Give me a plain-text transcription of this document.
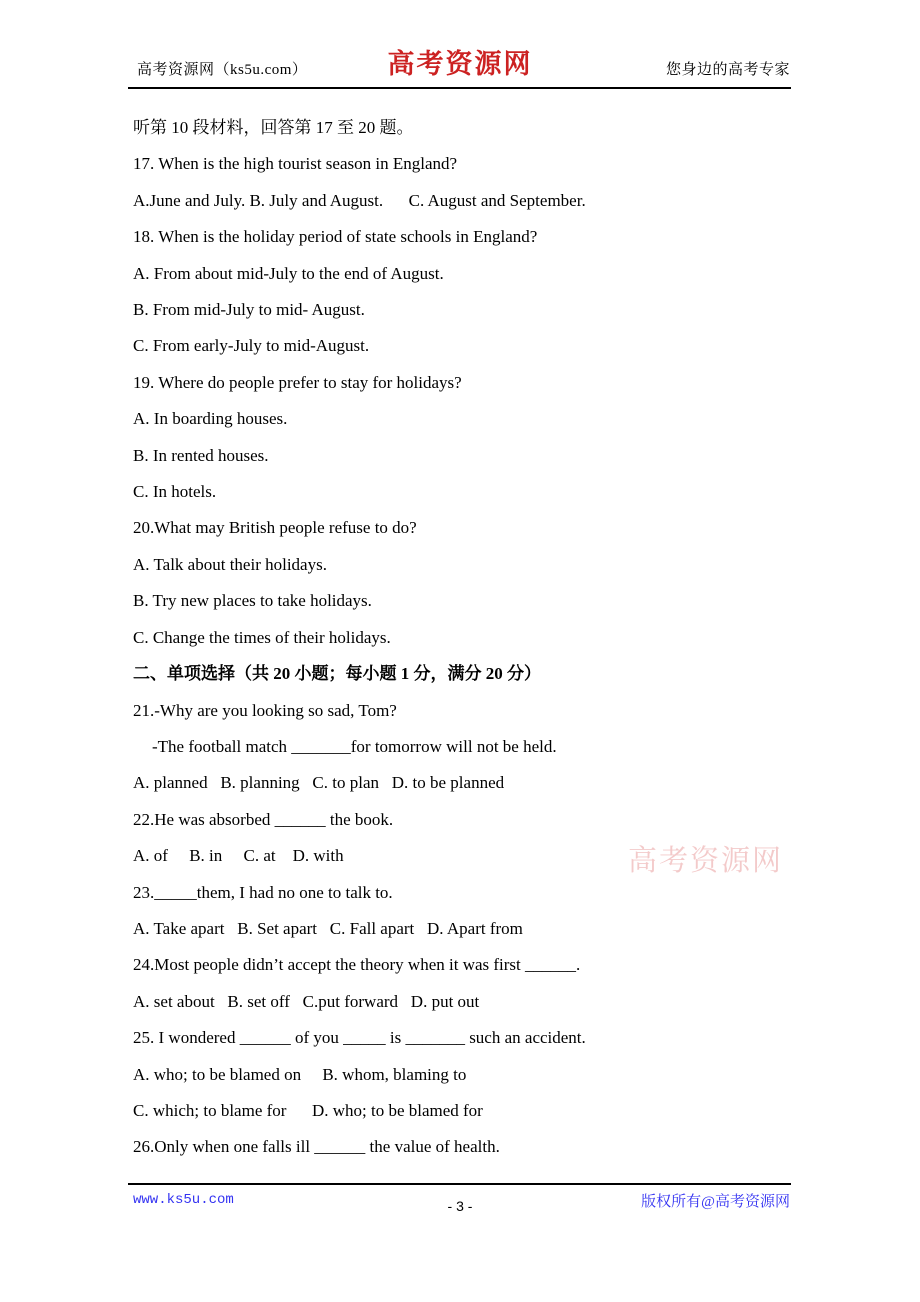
高考资源网（ks5u.com）	高考资源网	您身边的高考专家

听第 10 段材料，回答第 17 至 20 题。

17. When is the high tourist season in England?

A.June and July. B. July and August.      C. August and September.

18. When is the holiday period of state schools in England?

A. From about mid-July to the end of August.

B. From mid-July to mid- August.

C. From early-July to mid-August.

19. Where do people prefer to stay for holidays?

A. In boarding houses.

B. In rented houses.

C. In hotels.

20.What may British people refuse to do?

A. Talk about their holidays.

B. Try new places to take holidays.

C. Change the times of their holidays.

二、单项选择（共 20 小题；每小题 1 分，满分 20 分）

21.-Why are you looking so sad, Tom?

-The football match _______for tomorrow will not be held.

A. planned   B. planning   C. to plan   D. to be planned

22.He was absorbed ______ the book.

A. of     B. in     C. at    D. with

23._____them, I had no one to talk to.

A. Take apart   B. Set apart   C. Fall apart   D. Apart from

24.Most people didn’t accept the theory when it was first ______.

A. set about   B. set off   C.put forward   D. put out

25. I wondered ______ of you _____ is _______ such an accident.

A. who; to be blamed on     B. whom, blaming to

C. which; to blame for      D. who; to be blamed for

26.Only when one falls ill ______ the value of health.

高考资源网
www.ks5u.com	- 3 -	版权所有@高考资源网
